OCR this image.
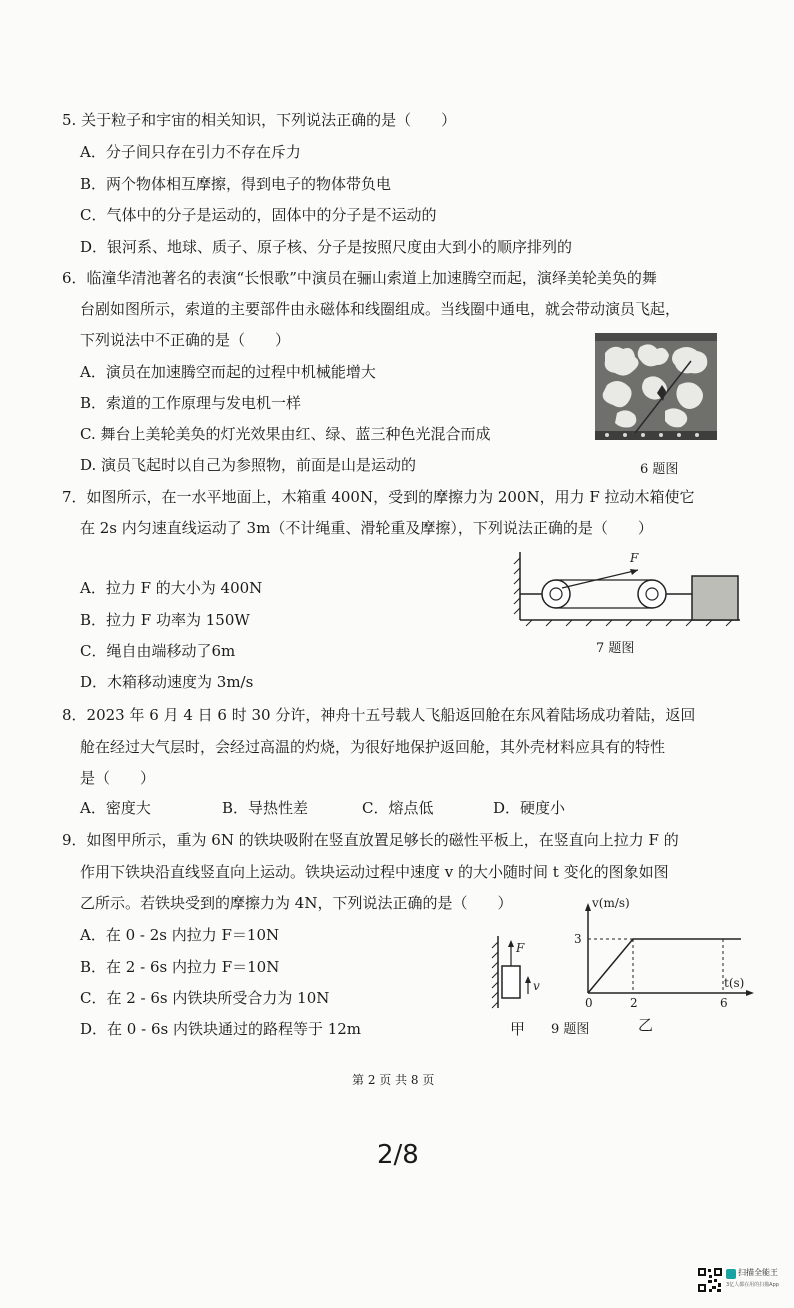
5. 关于粒子和宇宙的相关知识，下列说法正确的是（　　）
A．分子间只存在引力不存在斥力
B．两个物体相互摩擦，得到电子的物体带负电
C．气体中的分子是运动的，固体中的分子是不运动的
D．银河系、地球、质子、原子核、分子是按照尺度由大到小的顺序排列的
6．临潼华清池著名的表演“长恨歌”中演员在骊山索道上加速腾空而起，演绎美轮美奂的舞
台剧如图所示，索道的主要部件由永磁体和线圈组成。当线圈中通电，就会带动演员飞起，
下列说法中不正确的是（　　）
A．演员在加速腾空而起的过程中机械能增大
B．索道的工作原理与发电机一样
C. 舞台上美轮美奂的灯光效果由红、绿、蓝三种色光混合而成
D. 演员飞起时以自己为参照物，前面是山是运动的	6 题图
7．如图所示，在一水平地面上，木箱重 400N，受到的摩擦力为 200N，用力 F 拉动木箱使它
在 2s 内匀速直线运动了 3m（不计绳重、滑轮重及摩擦），下列说法正确的是（　　）
A．拉力 F 的大小为 400N
B．拉力 F 功率为 150W
C．绳自由端移动了6m
D．木箱移动速度为 3m/s
F
7 题图
8．2023 年 6 月 4 日 6 时 30 分许，神舟十五号载人飞船返回舱在东风着陆场成功着陆，返回
舱在经过大气层时，会经过高温的灼烧，为很好地保护返回舱，其外壳材料应具有的特性
是（　　）
A．密度大	B．导热性差	C．熔点低	D．硬度小
9．如图甲所示，重为 6N 的铁块吸附在竖直放置足够长的磁性平板上，在竖直向上拉力 F 的
作用下铁块沿直线竖直向上运动。铁块运动过程中速度 v 的大小随时间 t 变化的图象如图
乙所示。若铁块受到的摩擦力为 4N，下列说法正确的是（　　）
A．在 0 - 2s 内拉力 F＝10N
B．在 2 - 6s 内拉力 F＝10N
C．在 2 - 6s 内铁块所受合力为 10N
D．在 0 - 6s 内铁块通过的路程等于 12m
F
v
甲
v(m/s)
t(s)
3
0	2	6
9 题图	乙
第 2 页 共 8 页
2/8
扫描全能王
3亿人都在用的扫描App
